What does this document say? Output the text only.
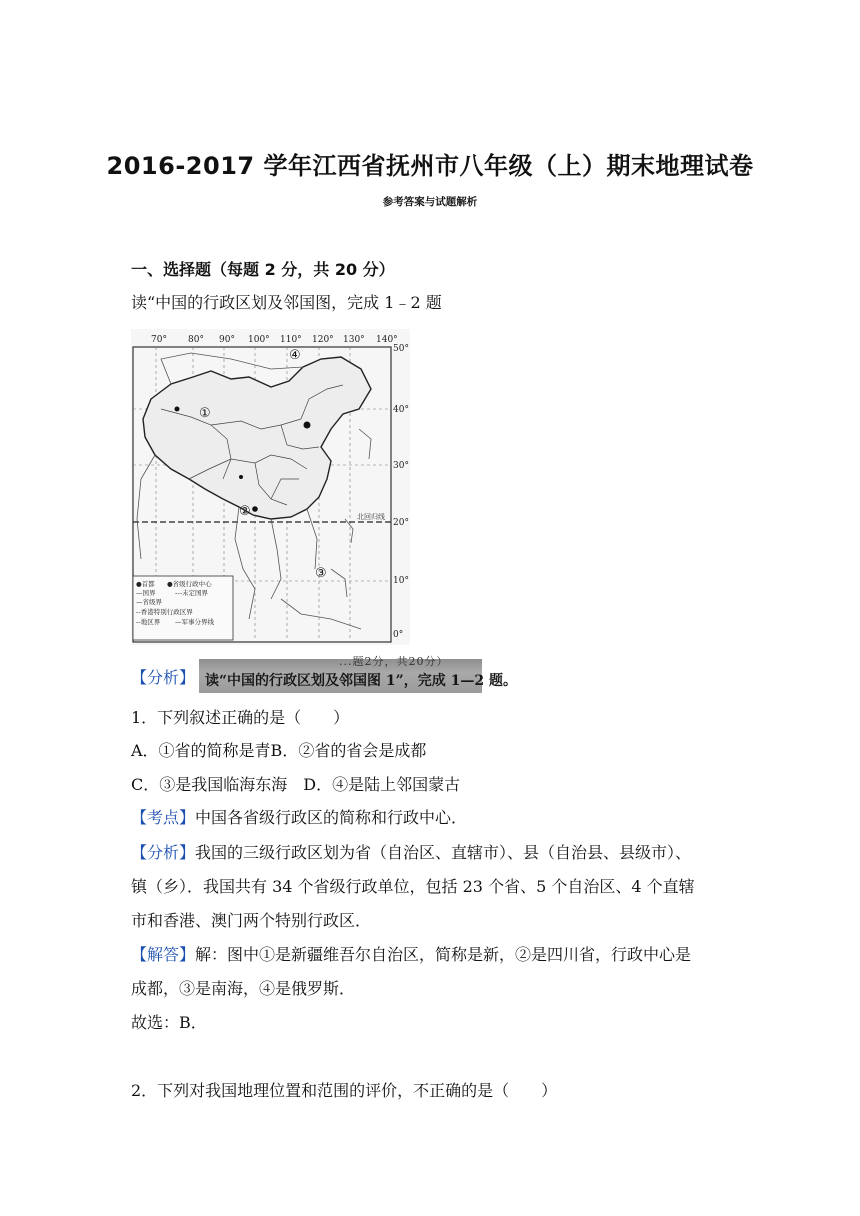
2016-2017 学年江西省抚州市八年级（上）期末地理试卷
参考答案与试题解析
一、选择题（每题 2 分，共 20 分）
读“中国的行政区划及邻国图，完成 1﹣2 题
70° 80° 90° 100° 110° 120° 130° 140°
50°
40°
30°
20°
10°
0°
北回归线
①
②
③
④
●首都 ●省级行政中心
—国界	---未定国界
—省级界
--香港特别行政区界
--地区界 —军事分界线
【分析】
...题2分，共20分）
读“中国的行政区划及邻国图 1”，完成 1—2 题。
1．下列叙述正确的是（　　）
A．①省的简称是青B．②省的省会是成都
C．③是我国临海东海　D．④是陆上邻国蒙古
【考点】中国各省级行政区的简称和行政中心．
【分析】我国的三级行政区划为省（自治区、直辖市）、县（自治县、县级市）、
镇（乡）．我国共有 34 个省级行政单位，包括 23 个省、5 个自治区、4 个直辖
市和香港、澳门两个特别行政区．
【解答】解：图中①是新疆维吾尔自治区，简称是新，②是四川省，行政中心是
成都，③是南海，④是俄罗斯．
故选：B．
2．下列对我国地理位置和范围的评价，不正确的是（　　）
